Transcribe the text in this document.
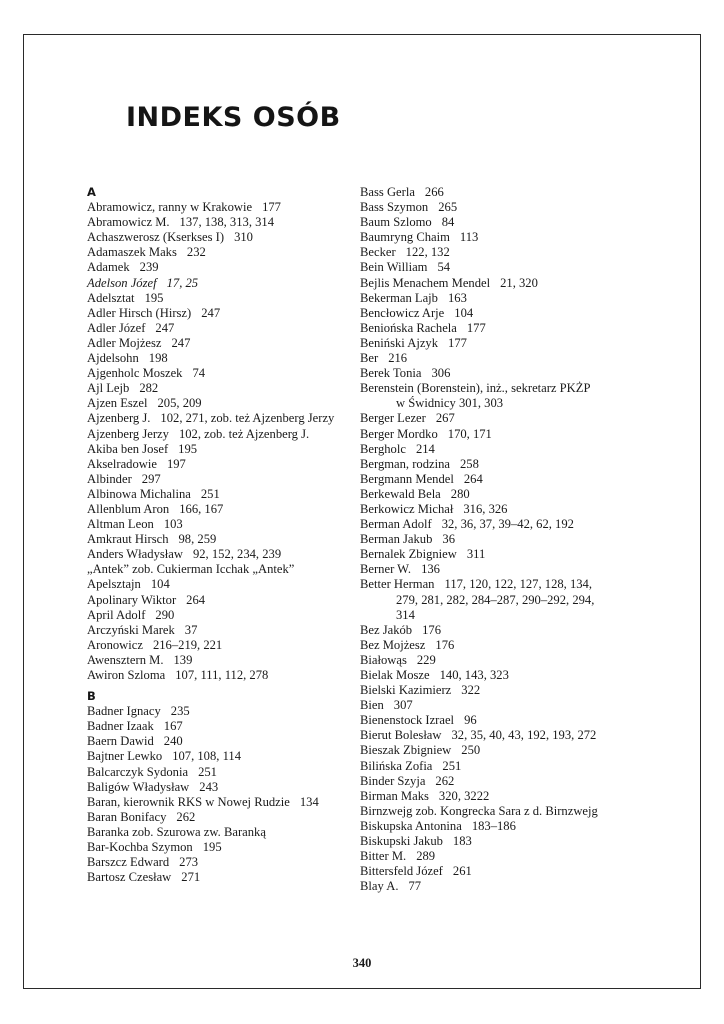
INDEKS OSÓB
A
Abramowicz, ranny w Krakowie 177
Abramowicz M. 137, 138, 313, 314
Achaszwerosz (Kserkses I) 310
Adamaszek Maks 232
Adamek 239
Adelson Józef 17, 25
Adelsztat 195
Adler Hirsch (Hirsz) 247
Adler Józef 247
Adler Mojżesz 247
Ajdelsohn 198
Ajgenholc Moszek 74
Ajl Lejb 282
Ajzen Eszel 205, 209
Ajzenberg J. 102, 271, zob. też Ajzenberg Jerzy
Ajzenberg Jerzy 102, zob. też Ajzenberg J.
Akiba ben Josef 195
Akselradowie 197
Albinder 297
Albinowa Michalina 251
Allenblum Aron 166, 167
Altman Leon 103
Amkraut Hirsch 98, 259
Anders Władysław 92, 152, 234, 239
„Antek” zob. Cukierman Icchak „Antek”
Apelsztajn 104
Apolinary Wiktor 264
April Adolf 290
Arczyński Marek 37
Aronowicz 216–219, 221
Awensztern M. 139
Awiron Szloma 107, 111, 112, 278
B
Badner Ignacy 235
Badner Izaak 167
Baern Dawid 240
Bajtner Lewko 107, 108, 114
Balcarczyk Sydonia 251
Baligów Władysław 243
Baran, kierownik RKS w Nowej Rudzie 134
Baran Bonifacy 262
Baranka zob. Szurowa zw. Baranką
Bar-Kochba Szymon 195
Barszcz Edward 273
Bartosz Czesław 271
Bass Gerla 266
Bass Szymon 265
Baum Szlomo 84
Baumryng Chaim 113
Becker 122, 132
Bein William 54
Bejlis Menachem Mendel 21, 320
Bekerman Lajb 163
Bencłowicz Arje 104
Beniońska Rachela 177
Beniński Ajzyk 177
Ber 216
Berek Tonia 306
Berenstein (Borenstein), inż., sekretarz PKŻP
w Świdnicy 301, 303
Berger Lezer 267
Berger Mordko 170, 171
Bergholc 214
Bergman, rodzina 258
Bergmann Mendel 264
Berkewald Bela 280
Berkowicz Michał 316, 326
Berman Adolf 32, 36, 37, 39–42, 62, 192
Berman Jakub 36
Bernalek Zbigniew 311
Berner W. 136
Better Herman 117, 120, 122, 127, 128, 134,
279, 281, 282, 284–287, 290–292, 294,
314
Bez Jakób 176
Bez Mojżesz 176
Białowąs 229
Bielak Mosze 140, 143, 323
Bielski Kazimierz 322
Bien 307
Bienenstock Izrael 96
Bierut Bolesław 32, 35, 40, 43, 192, 193, 272
Bieszak Zbigniew 250
Bilińska Zofia 251
Binder Szyja 262
Birman Maks 320, 3222
Birnzwejg zob. Kongrecka Sara z d. Birnzwejg
Biskupska Antonina 183–186
Biskupski Jakub 183
Bitter M. 289
Bittersfeld Józef 261
Blay A. 77
340
